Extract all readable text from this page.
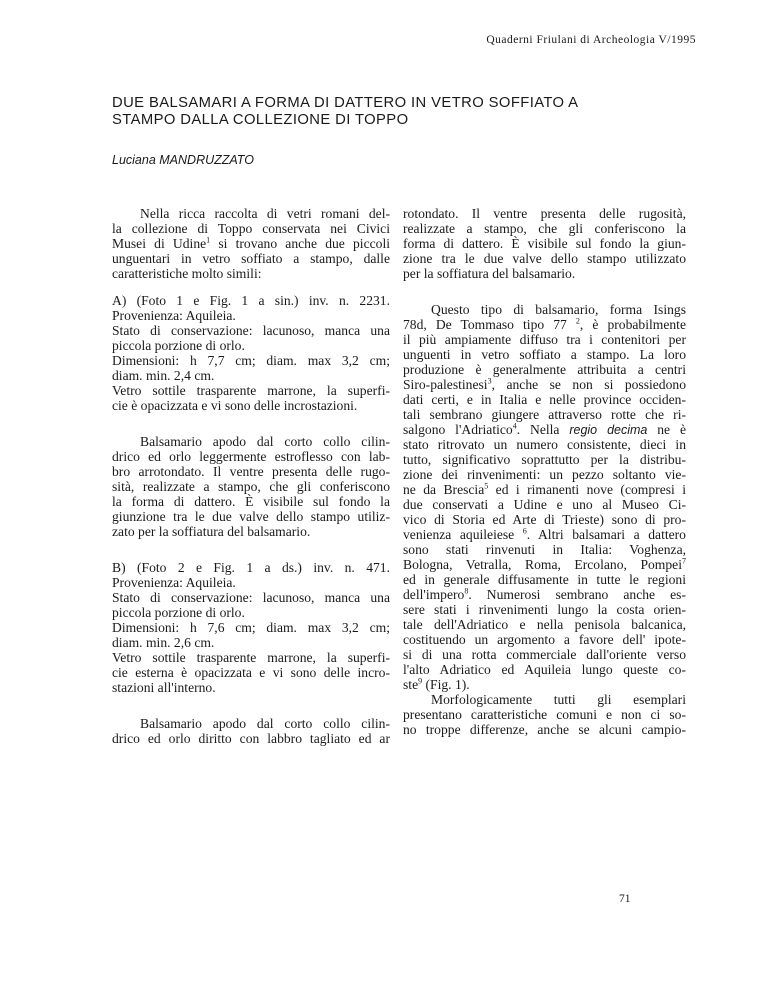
Quaderni Friulani di Archeologia V/1995
DUE BALSAMARI A FORMA DI DATTERO IN VETRO SOFFIATO A
STAMPO DALLA COLLEZIONE DI TOPPO
Luciana MANDRUZZATO
Nella ricca raccolta di vetri romani del-
la collezione di Toppo conservata nei Civici
Musei di Udine$^1$ si trovano anche due piccoli
unguentari in vetro soffiato a stampo, dalle
caratteristiche molto simili:
A) (Foto 1 e Fig. 1 a sin.) inv. n. 2231.
Provenienza: Aquileia.
Stato di conservazione: lacunoso, manca una
piccola porzione di orlo.
Dimensioni: h 7,7 cm; diam. max 3,2 cm;
diam. min. 2,4 cm.
Vetro sottile trasparente marrone, la superfi-
cie è opacizzata e vi sono delle incrostazioni.
Balsamario apodo dal corto collo cilin-
drico ed orlo leggermente estroflesso con lab-
bro arrotondato. Il ventre presenta delle rugo-
sità, realizzate a stampo, che gli conferiscono
la forma di dattero. È visibile sul fondo la
giunzione tra le due valve dello stampo utiliz-
zato per la soffiatura del balsamario.
B) (Foto 2 e Fig. 1 a ds.) inv. n. 471.
Provenienza: Aquileia.
Stato di conservazione: lacunoso, manca una
piccola porzione di orlo.
Dimensioni: h 7,6 cm; diam. max 3,2 cm;
diam. min. 2,6 cm.
Vetro sottile trasparente marrone, la superfi-
cie esterna è opacizzata e vi sono delle incro-
stazioni all'interno.
Balsamario apodo dal corto collo cilin-
drico ed orlo diritto con labbro tagliato ed ar
rotondato. Il ventre presenta delle rugosità,
realizzate a stampo, che gli conferiscono la
forma di dattero. È visibile sul fondo la giun-
zione tra le due valve dello stampo utilizzato
per la soffiatura del balsamario.
Questo tipo di balsamario, forma Isings
78d, De Tommaso tipo 77 $^2$, è probabilmente
il più ampiamente diffuso tra i contenitori per
unguenti in vetro soffiato a stampo. La loro
produzione è generalmente attribuita a centri
Siro-palestinesi$^3$, anche se non si possiedono
dati certi, e in Italia e nelle province occiden-
tali sembrano giungere attraverso rotte che ri-
salgono l'Adriatico$^4$. Nella regio decima ne è
stato ritrovato un numero consistente, dieci in
tutto, significativo soprattutto per la distribu-
zione dei rinvenimenti: un pezzo soltanto vie-
ne da Brescia$^5$ ed i rimanenti nove (compresi i
due conservati a Udine e uno al Museo Ci-
vico di Storia ed Arte di Trieste) sono di pro-
venienza aquileiese $^6$. Altri balsamari a dattero
sono stati rinvenuti in Italia: Voghenza,
Bologna, Vetralla, Roma, Ercolano, Pompei$^7$
ed in generale diffusamente in tutte le regioni
dell'impero$^8$. Numerosi sembrano anche es-
sere stati i rinvenimenti lungo la costa orien-
tale dell'Adriatico e nella penisola balcanica,
costituendo un argomento a favore dell' ipote-
si di una rotta commerciale dall'oriente verso
l'alto Adriatico ed Aquileia lungo queste co-
ste$^9$ (Fig. 1).
Morfologicamente tutti gli esemplari
presentano caratteristiche comuni e non ci so-
no troppe differenze, anche se alcuni campio-
71
